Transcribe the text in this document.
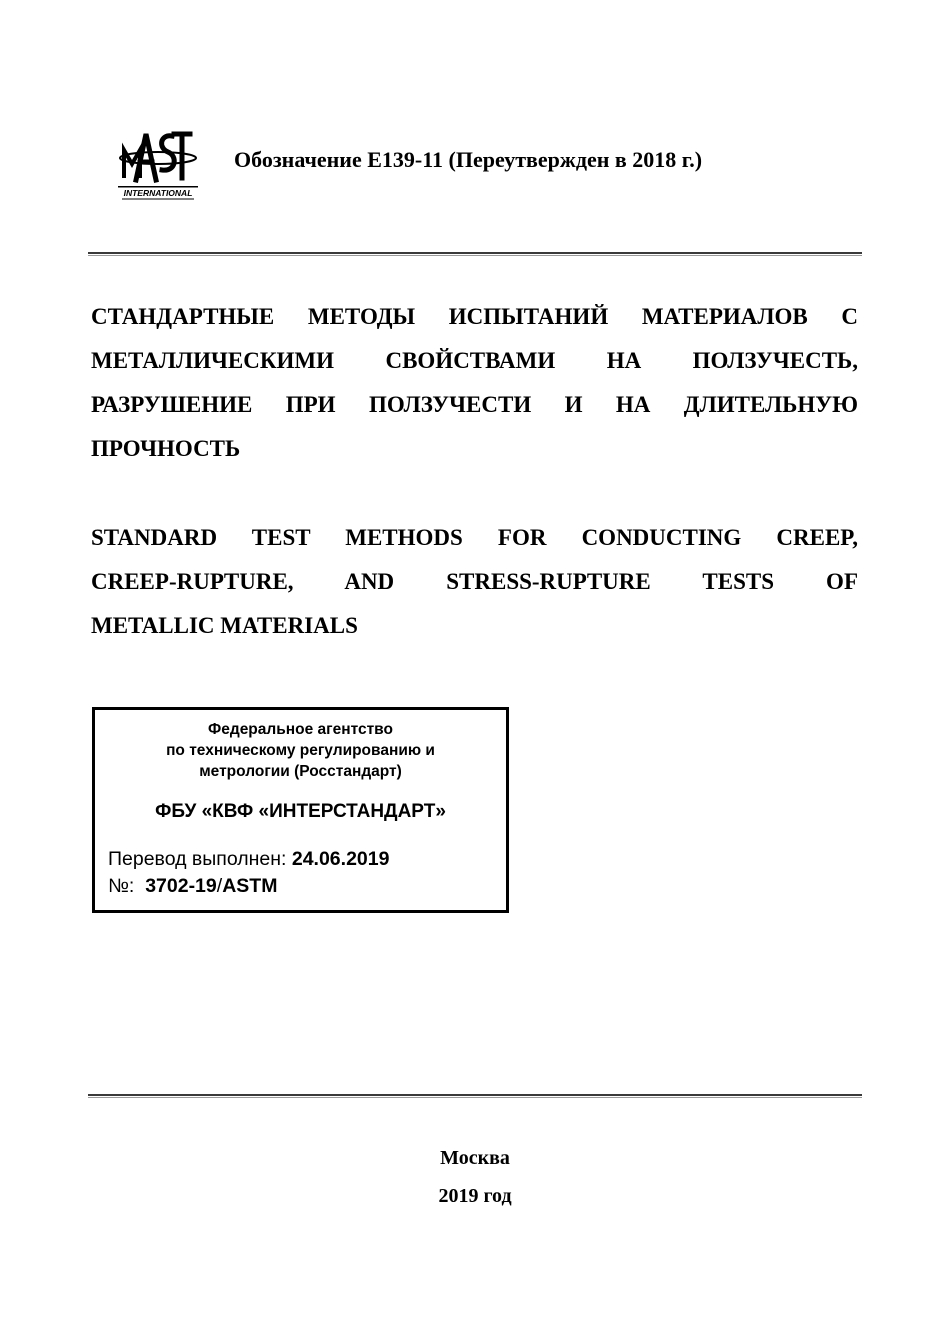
INTERNATIONAL
Обозначение E139-11 (Переутвержден в 2018 г.)
СТАНДАРТНЫЕ МЕТОДЫ ИСПЫТАНИЙ МАТЕРИАЛОВ С
МЕТАЛЛИЧЕСКИМИ СВОЙСТВАМИ НА ПОЛЗУЧЕСТЬ,
РАЗРУШЕНИЕ ПРИ ПОЛЗУЧЕСТИ И НА ДЛИТЕЛЬНУЮ
ПРОЧНОСТЬ
STANDARD TEST METHODS FOR CONDUCTING CREEP,
CREEP-RUPTURE, AND STRESS-RUPTURE TESTS OF
METALLIC MATERIALS
Федеральное агентство
по техническому регулированию и
метрологии (Росстандарт)
ФБУ «КВФ «ИНТЕРСТАНДАРТ»
Перевод выполнен: 24.06.2019
№: 3702-19/ASTM
Москва
2019 год
